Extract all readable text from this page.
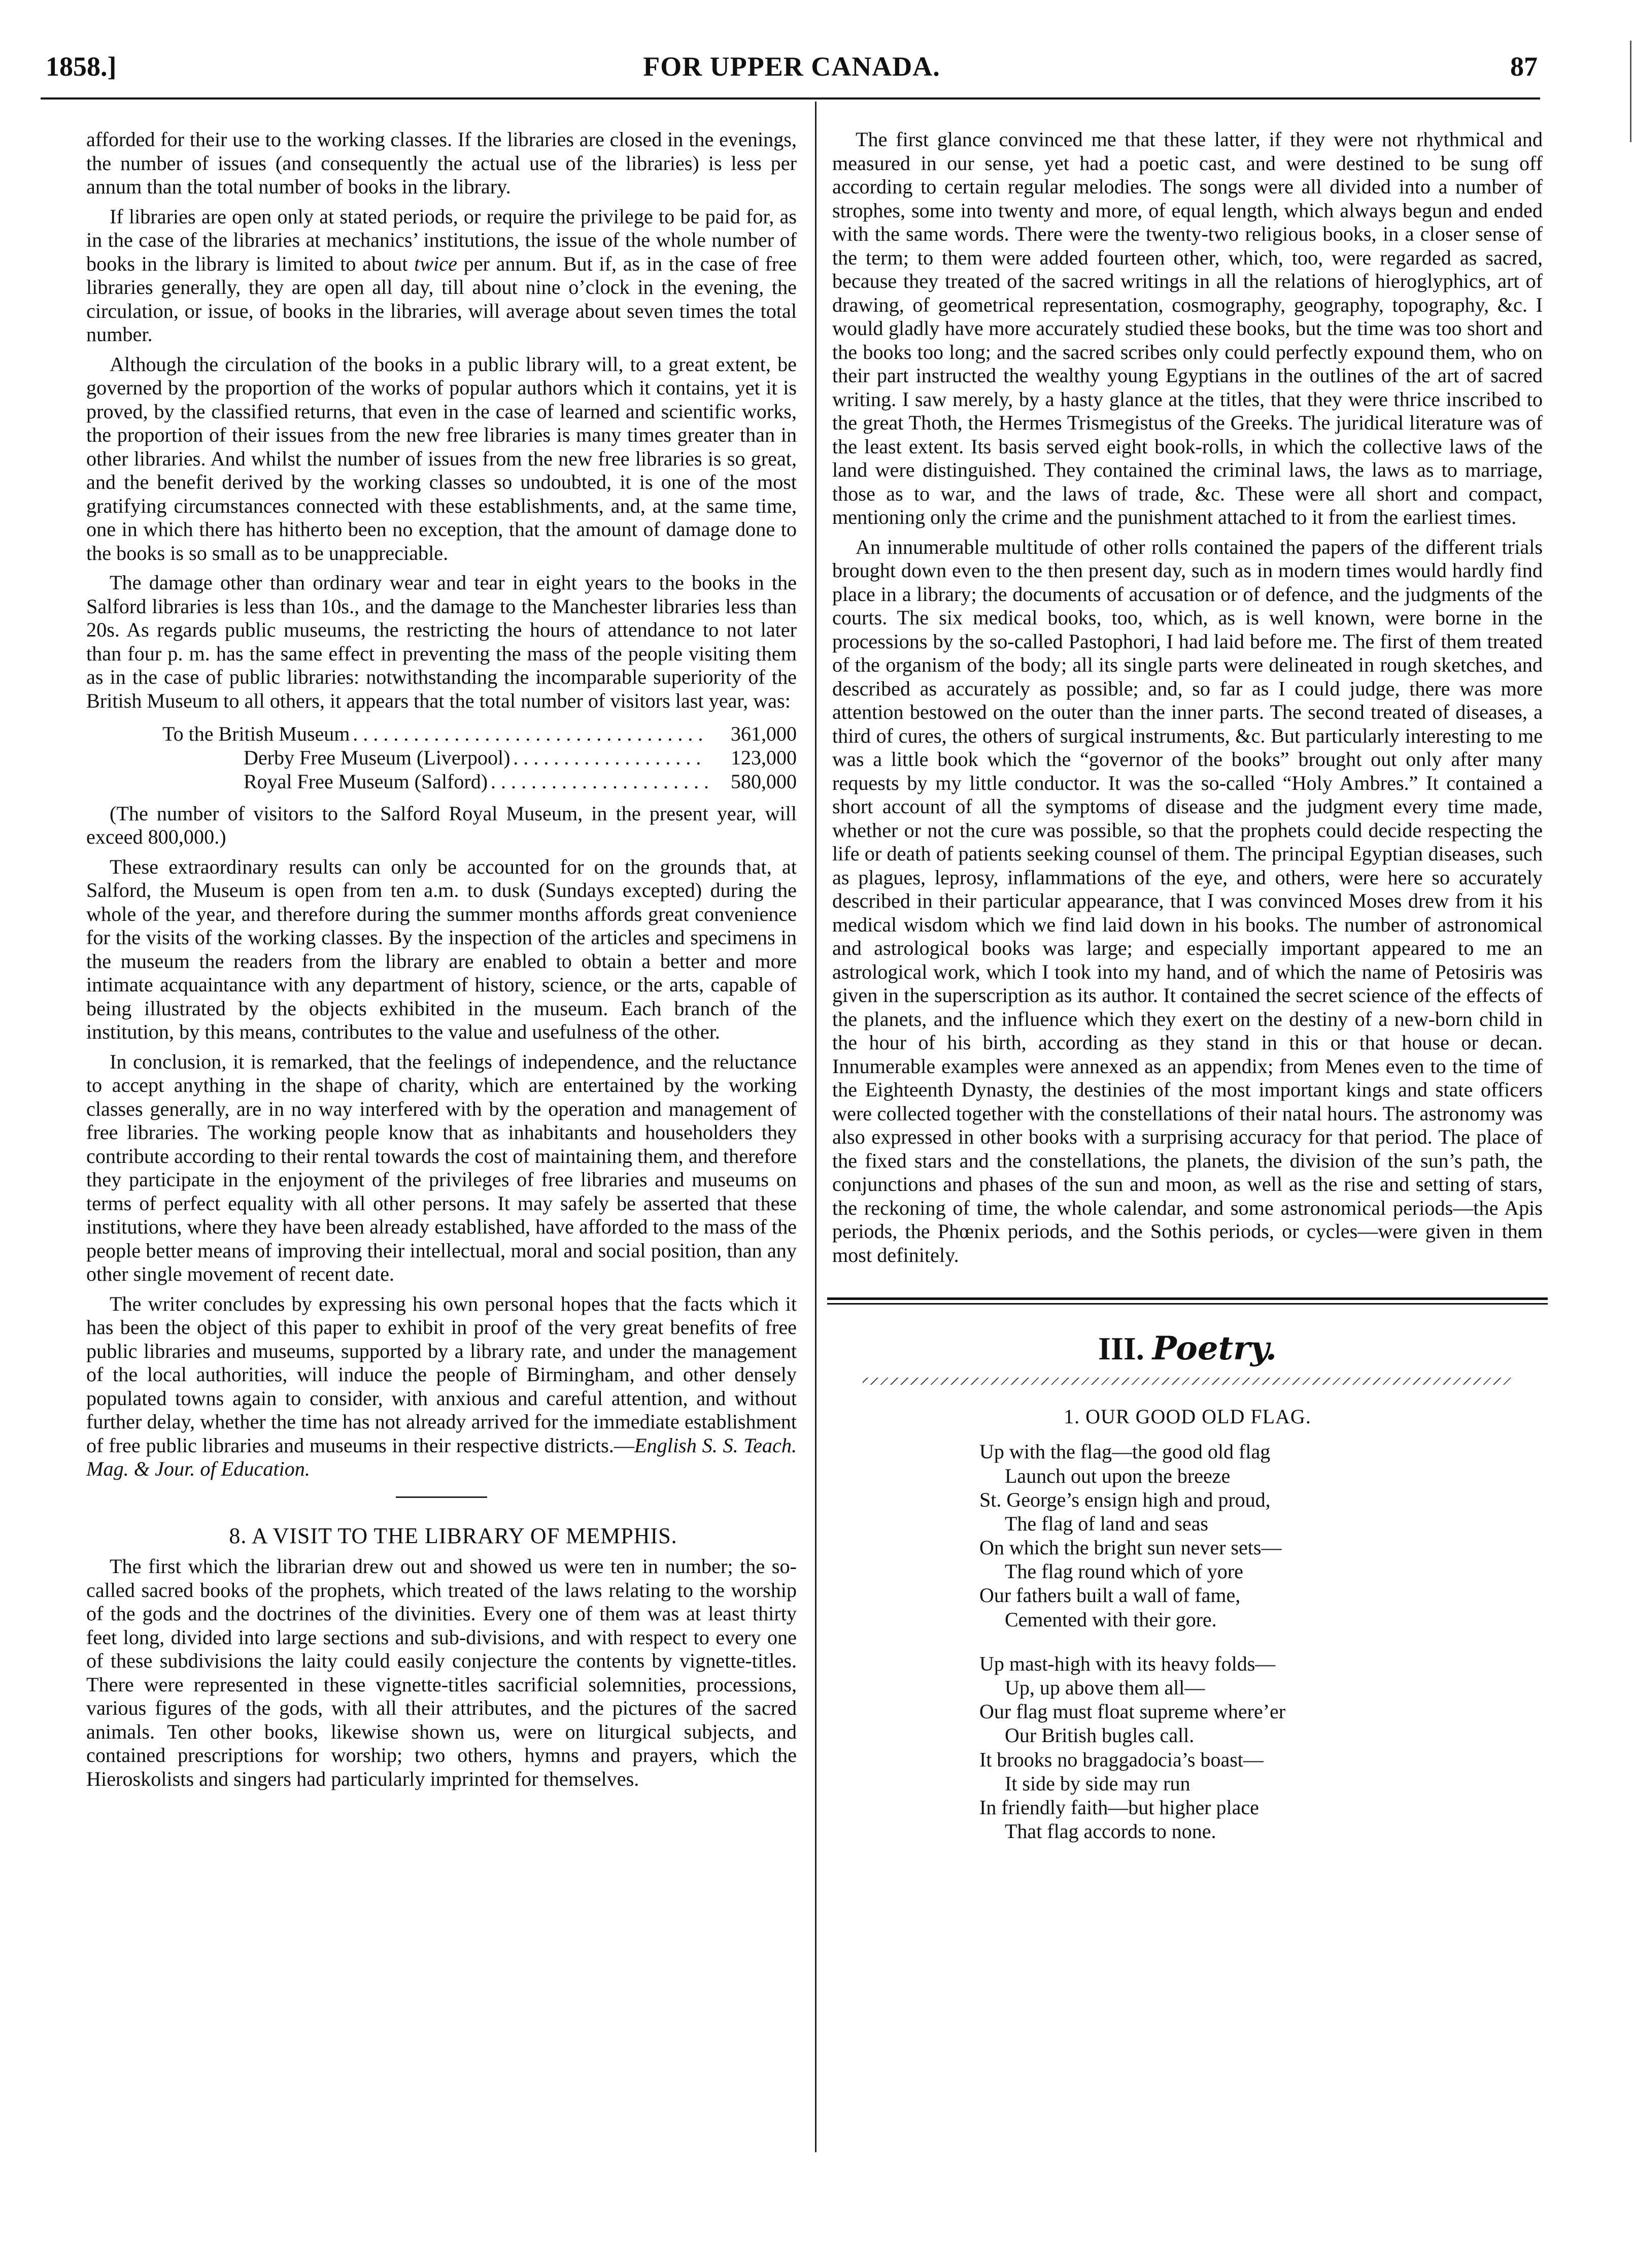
1858.]	FOR UPPER CANADA.	87

afforded for their use to the working classes. If the libraries are closed in the evenings, the number of issues (and consequently the actual use of the libraries) is less per annum than the total number of books in the library.

If libraries are open only at stated periods, or require the privilege to be paid for, as in the case of the libraries at mechanics’ institutions, the issue of the whole number of books in the library is limited to about twice per annum. But if, as in the case of free libraries generally, they are open all day, till about nine o’clock in the evening, the circulation, or issue, of books in the libraries, will average about seven times the total number.

Although the circulation of the books in a public library will, to a great extent, be governed by the proportion of the works of popular authors which it contains, yet it is proved, by the classified returns, that even in the case of learned and scientific works, the proportion of their issues from the new free libraries is many times greater than in other libraries. And whilst the number of issues from the new free libraries is so great, and the benefit derived by the working classes so undoubted, it is one of the most gratifying circumstances connected with these establishments, and, at the same time, one in which there has hitherto been no exception, that the amount of damage done to the books is so small as to be unappreciable.

The damage other than ordinary wear and tear in eight years to the books in the Salford libraries is less than 10s., and the damage to the Manchester libraries less than 20s. As regards public museums, the restricting the hours of attendance to not later than four p. m. has the same effect in preventing the mass of the people visiting them as in the case of public libraries: notwithstanding the incomparable superiority of the British Museum to all others, it appears that the total number of visitors last year, was:

To the British Museum . . .	361,000
Derby Free Museum (Liverpool) . . .	123,000
Royal Free Museum (Salford) . . .	580,000

(The number of visitors to the Salford Royal Museum, in the present year, will exceed 800,000.)

These extraordinary results can only be accounted for on the grounds that, at Salford, the Museum is open from ten a.m. to dusk (Sundays excepted) during the whole of the year, and therefore during the summer months affords great convenience for the visits of the working classes. By the inspection of the articles and specimens in the museum the readers from the library are enabled to obtain a better and more intimate acquaintance with any department of history, science, or the arts, capable of being illustrated by the objects exhibited in the museum. Each branch of the institution, by this means, contributes to the value and usefulness of the other.

In conclusion, it is remarked, that the feelings of independence, and the reluctance to accept anything in the shape of charity, which are entertained by the working classes generally, are in no way interfered with by the operation and management of free libraries. The working people know that as inhabitants and householders they contribute according to their rental towards the cost of maintaining them, and therefore they participate in the enjoyment of the privileges of free libraries and museums on terms of perfect equality with all other persons. It may safely be asserted that these institutions, where they have been already established, have afforded to the mass of the people better means of improving their intellectual, moral and social position, than any other single movement of recent date.

The writer concludes by expressing his own personal hopes that the facts which it has been the object of this paper to exhibit in proof of the very great benefits of free public libraries and museums, supported by a library rate, and under the management of the local authorities, will induce the people of Birmingham, and other densely populated towns again to consider, with anxious and careful attention, and without further delay, whether the time has not already arrived for the immediate establishment of free public libraries and museums in their respective districts.—English S. S. Teach. Mag. & Jour. of Education.

8. A VISIT TO THE LIBRARY OF MEMPHIS.

The first which the librarian drew out and showed us were ten in number; the so-called sacred books of the prophets, which treated of the laws relating to the worship of the gods and the doctrines of the divinities. Every one of them was at least thirty feet long, divided into large sections and sub-divisions, and with respect to every one of these subdivisions the laity could easily conjecture the contents by vignette-titles. There were represented in these vignette-titles sacrificial solemnities, processions, various figures of the gods, with all their attributes, and the pictures of the sacred animals. Ten other books, likewise shown us, were on liturgical subjects, and contained prescriptions for worship; two others, hymns and prayers, which the Hieroskolists and singers had particularly imprinted for themselves.

The first glance convinced me that these latter, if they were not rhythmical and measured in our sense, yet had a poetic cast, and were destined to be sung off according to certain regular melodies. The songs were all divided into a number of strophes, some into twenty and more, of equal length, which always begun and ended with the same words. There were the twenty-two religious books, in a closer sense of the term; to them were added fourteen other, which, too, were regarded as sacred, because they treated of the sacred writings in all the relations of hieroglyphics, art of drawing, of geometrical representation, cosmography, geography, topography, &c. I would gladly have more accurately studied these books, but the time was too short and the books too long; and the sacred scribes only could perfectly expound them, who on their part instructed the wealthy young Egyptians in the outlines of the art of sacred writing. I saw merely, by a hasty glance at the titles, that they were thrice inscribed to the great Thoth, the Hermes Trismegistus of the Greeks. The juridical literature was of the least extent. Its basis served eight book-rolls, in which the collective laws of the land were distinguished. They contained the criminal laws, the laws as to marriage, those as to war, and the laws of trade, &c. These were all short and compact, mentioning only the crime and the punishment attached to it from the earliest times.

An innumerable multitude of other rolls contained the papers of the different trials brought down even to the then present day, such as in modern times would hardly find place in a library; the documents of accusation or of defence, and the judgments of the courts. The six medical books, too, which, as is well known, were borne in the processions by the so-called Pastophori, I had laid before me. The first of them treated of the organism of the body; all its single parts were delineated in rough sketches, and described as accurately as possible; and, so far as I could judge, there was more attention bestowed on the outer than the inner parts. The second treated of diseases, a third of cures, the others of surgical instruments, &c. But particularly interesting to me was a little book which the “governor of the books” brought out only after many requests by my little conductor. It was the so-called “Holy Ambres.” It contained a short account of all the symptoms of disease and the judgment every time made, whether or not the cure was possible, so that the prophets could decide respecting the life or death of patients seeking counsel of them. The principal Egyptian diseases, such as plagues, leprosy, inflammations of the eye, and others, were here so accurately described in their particular appearance, that I was convinced Moses drew from it his medical wisdom which we find laid down in his books. The number of astronomical and astrological books was large; and especially important appeared to me an astrological work, which I took into my hand, and of which the name of Petosiris was given in the superscription as its author. It contained the secret science of the effects of the planets, and the influence which they exert on the destiny of a new-born child in the hour of his birth, according as they stand in this or that house or decan. Innumerable examples were annexed as an appendix; from Menes even to the time of the Eighteenth Dynasty, the destinies of the most important kings and state officers were collected together with the constellations of their natal hours. The astronomy was also expressed in other books with a surprising accuracy for that period. The place of the fixed stars and the constellations, the planets, the division of the sun’s path, the conjunctions and phases of the sun and moon, as well as the rise and setting of stars, the reckoning of time, the whole calendar, and some astronomical periods—the Apis periods, the Phœnix periods, and the Sothis periods, or cycles—were given in them most definitely.

III. Poetry.
1. OUR GOOD OLD FLAG.
Up with the flag—the good old flag
Launch out upon the breeze
St. George’s ensign high and proud,
The flag of land and seas
On which the bright sun never sets—
The flag round which of yore
Our fathers built a wall of fame,
Cemented with their gore.
Up mast-high with its heavy folds—
Up, up above them all—
Our flag must float supreme where’er
Our British bugles call.
It brooks no braggadocia’s boast—
It side by side may run
In friendly faith—but higher place
That flag accords to none.
